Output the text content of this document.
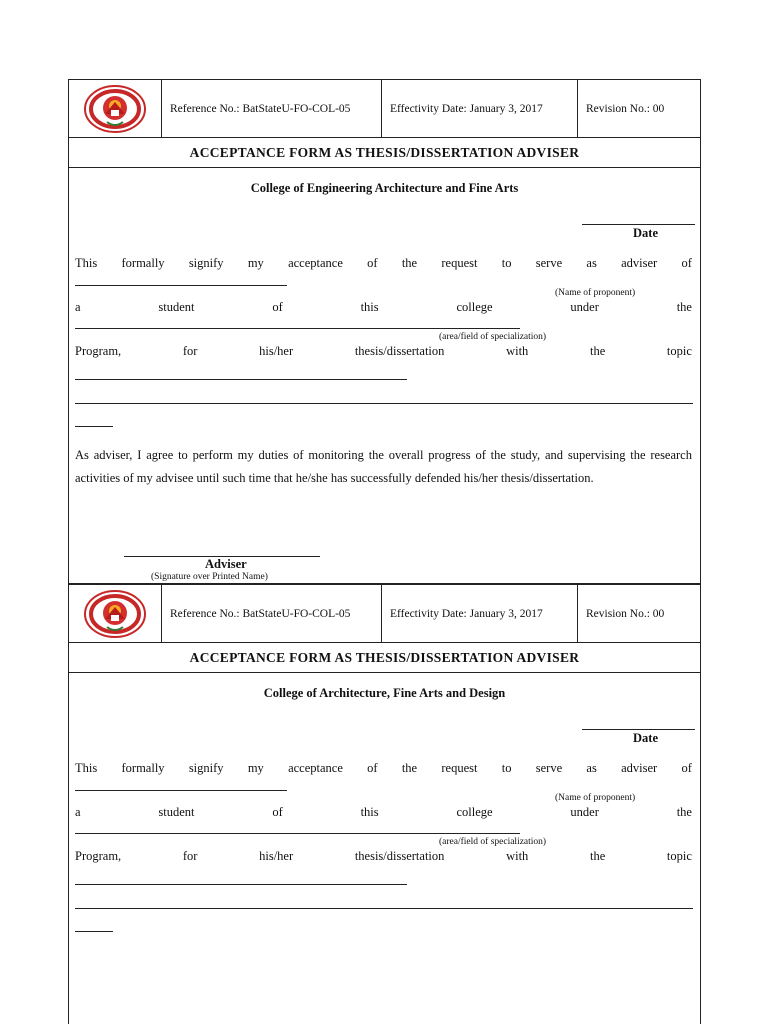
Reference No.: BatStateU-FO-COL-05	Effectivity Date: January 3, 2017	Revision No.: 00
ACCEPTANCE FORM AS THESIS/DISSERTATION ADVISER
College of Engineering Architecture and Fine Arts
Date
This formally signify my acceptance of the request to serve as adviser of
(Name of proponent)
a	student	of	this	college	under	the
(area/field of specialization)
Program,	for	his/her	thesis/dissertation	with	the	topic
As adviser, I agree to perform my duties of monitoring the overall progress of the study, and supervising the research activities of my advisee until such time that he/she has successfully defended his/her thesis/dissertation.
Adviser
(Signature over Printed Name)
Reference No.: BatStateU-FO-COL-05	Effectivity Date: January 3, 2017	Revision No.: 00
ACCEPTANCE FORM AS THESIS/DISSERTATION ADVISER
College of Architecture, Fine Arts and Design
Date
This formally signify my acceptance of the request to serve as adviser of
(Name of proponent)
a	student	of	this	college	under	the
(area/field of specialization)
Program,	for	his/her	thesis/dissertation	with	the	topic
